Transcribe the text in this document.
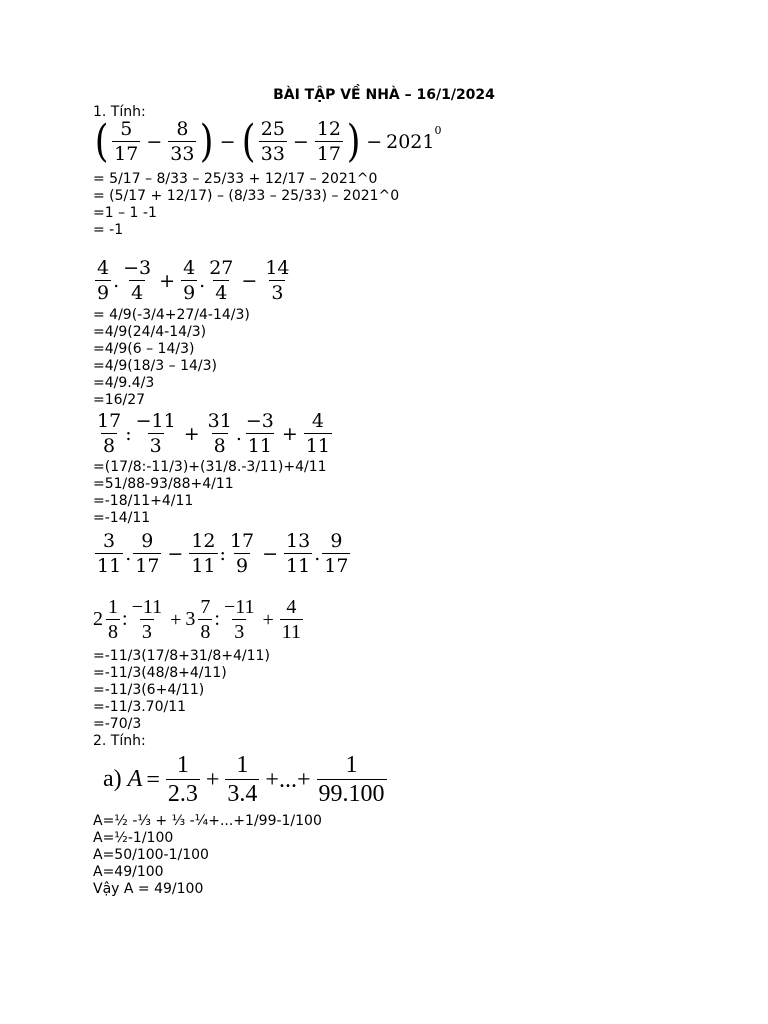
BÀI TẬP VỀ NHÀ – 16/1/2024
1. Tính:
( $\frac{5}{17} - \frac{8}{33}$ ) − ( $\frac{25}{33} - \frac{12}{17}$ ) − $2021^0$
= 5/17 – 8/33 – 25/33 + 12/17 – 2021^0
= (5/17 + 12/17) – (8/33 – 25/33) – 2021^0
=1 – 1 -1
= -1
$\frac{4}{9}$ . $\frac{-3}{4} + \frac{4}{9}$ . $\frac{27}{4} - \frac{14}{3}$
= 4/9(-3/4+27/4-14/3)
=4/9(24/4-14/3)
=4/9(6 – 14/3)
=4/9(18/3 – 14/3)
=4/9.4/3
=16/27
$\frac{17}{8}$ : $\frac{-11}{3} + \frac{31}{8}$ . $\frac{-3}{11} + \frac{4}{11}$
=(17/8:-11/3)+(31/8.-3/11)+4/11
=51/88-93/88+4/11
=-18/11+4/11
=-14/11
$\frac{3}{11}$ . $\frac{9}{17} - \frac{12}{11}$ : $\frac{17}{9} - \frac{13}{11}$ . $\frac{9}{17}$
$2 \frac{1}{8}$ : $\frac{-11}{3} + 3 \frac{7}{8}$ : $\frac{-11}{3} + \frac{4}{11}$
=-11/3(17/8+31/8+4/11)
=-11/3(48/8+4/11)
=-11/3(6+4/11)
=-11/3.70/11
=-70/3
2. Tính:
a) $A = \frac{1}{2.3} + \frac{1}{3.4}$ +...+ $\frac{1}{99.100}$
A=½ -⅓ + ⅓ -¼+...+1/99-1/100
A=½-1/100
A=50/100-1/100
A=49/100
Vậy A = 49/100
